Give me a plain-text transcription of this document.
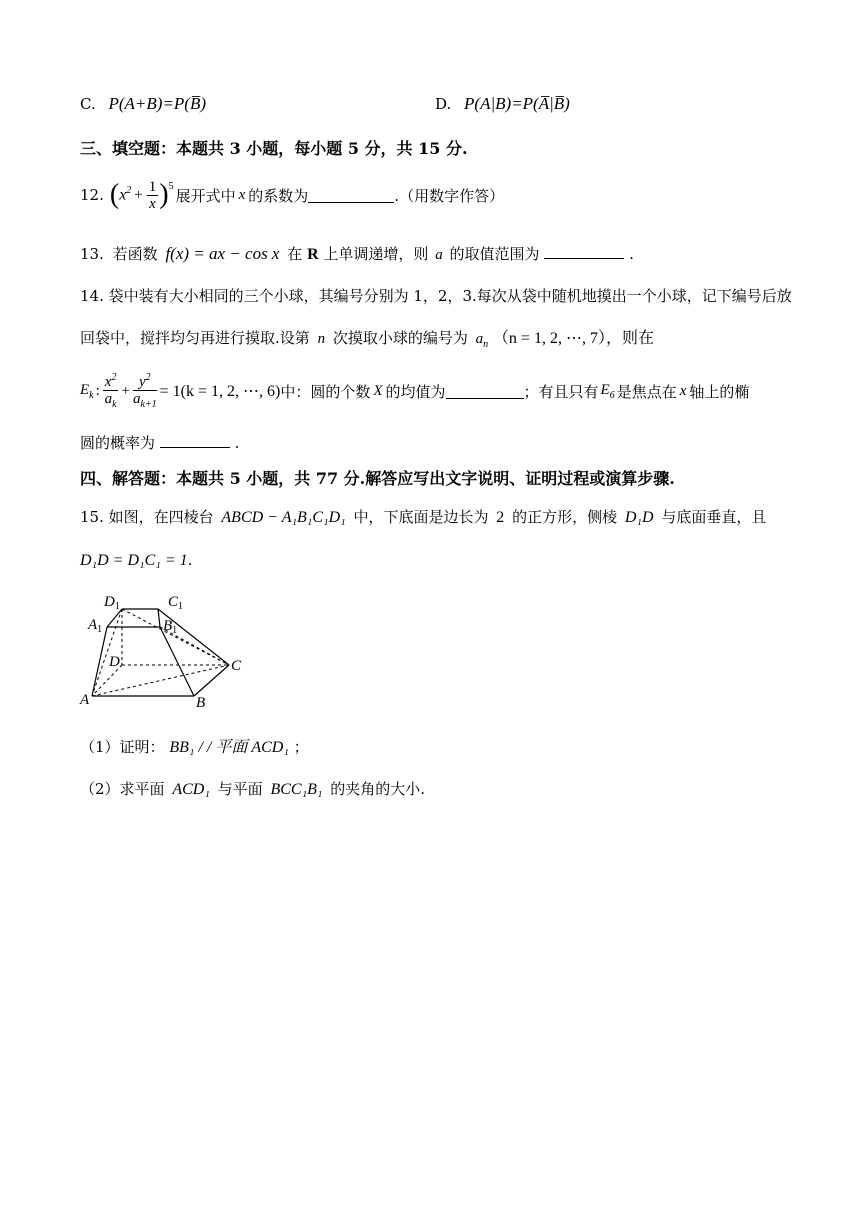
C. P(A+B)=P(B̅)	D. P(A|B)=P(A̅|B̅)
三、填空题：本题共 3 小题，每小题 5 分，共 15 分.
12. ( $x^2 + \frac{1}{x} )^5$
展开式中 x 的系数为	.（用数字作答）
13. 若函数 f(x) = ax − cos x 在 R 上单调递增，则 a 的取值范围为	.
14. 袋中装有大小相同的三个小球，其编号分别为 1，2，3.每次从袋中随机地摸出一个小球，记下编号后放
回袋中，搅拌均匀再进行摸取.设第 n 次摸取小球的编号为 $a_n$ （n = 1, 2, ⋯, 7），则在
$E_k$ : $\frac{x^2}{a_k} + \frac{y^2}{a_{k+1}} = 1(k = 1$, 2, ⋯, 6) 中：圆的个数 X 的均值为	；有且只有 $E_6$ 是焦点在 x 轴上的椭
圆的概率为	.
四、解答题：本题共 5 小题，共 77 分.解答应写出文字说明、证明过程或演算步骤.
15. 如图，在四棱台 ABCD − A₁B₁C₁D₁ 中，下底面是边长为 2 的正方形，侧棱 D₁D 与底面垂直，且
D₁D = D₁C₁ = 1.
$D_1$	$C_1$
$A_1$	$B_1$
D	C
A	B
（1）证明： BB₁ / / 平面 ACD₁ ；
（2）求平面 ACD₁ 与平面 BCC₁B₁ 的夹角的大小.
